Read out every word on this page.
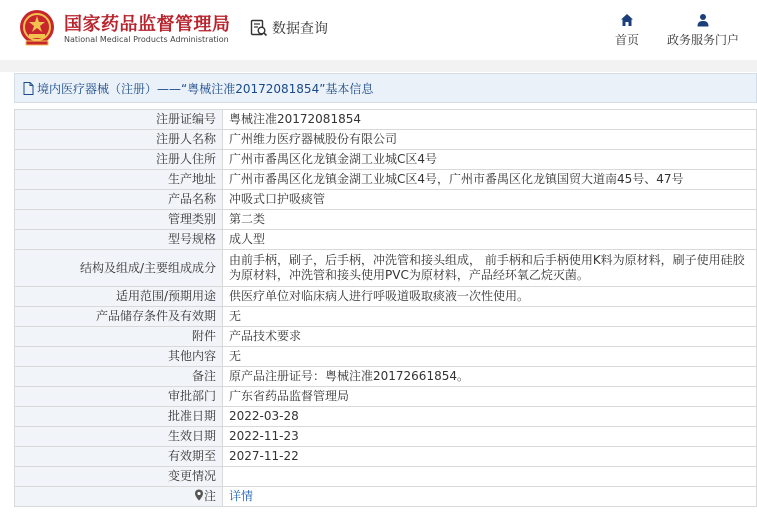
国家药品监督管理局
National Medical Products Administration
数据查询
首页 政务服务门户
境内医疗器械（注册）——“粤械注准20172081854”基本信息
注册证编号	粤械注准20172081854
注册人名称	广州维力医疗器械股份有限公司
注册人住所	广州市番禺区化龙镇金湖工业城C区4号
生产地址	广州市番禺区化龙镇金湖工业城C区4号，广州市番禺区化龙镇国贸大道南45号、47号
产品名称	冲吸式口护吸痰管
管理类别	第二类
型号规格	成人型
结构及组成/主要组成成分	由前手柄，刷子，后手柄，冲洗管和接头组成， 前手柄和后手柄使用K料为原材料，刷子使用硅胶为原材料，冲洗管和接头使用PVC为原材料，产品经环氧乙烷灭菌。
适用范围/预期用途	供医疗单位对临床病人进行呼吸道吸取痰液一次性使用。
产品储存条件及有效期	无
附件	产品技术要求
其他内容	无
备注	原产品注册证号：粤械注准20172661854。
审批部门	广东省药品监督管理局
批准日期	2022-03-28
生效日期	2022-11-23
有效期至	2027-11-22
变更情况	
注	详情
